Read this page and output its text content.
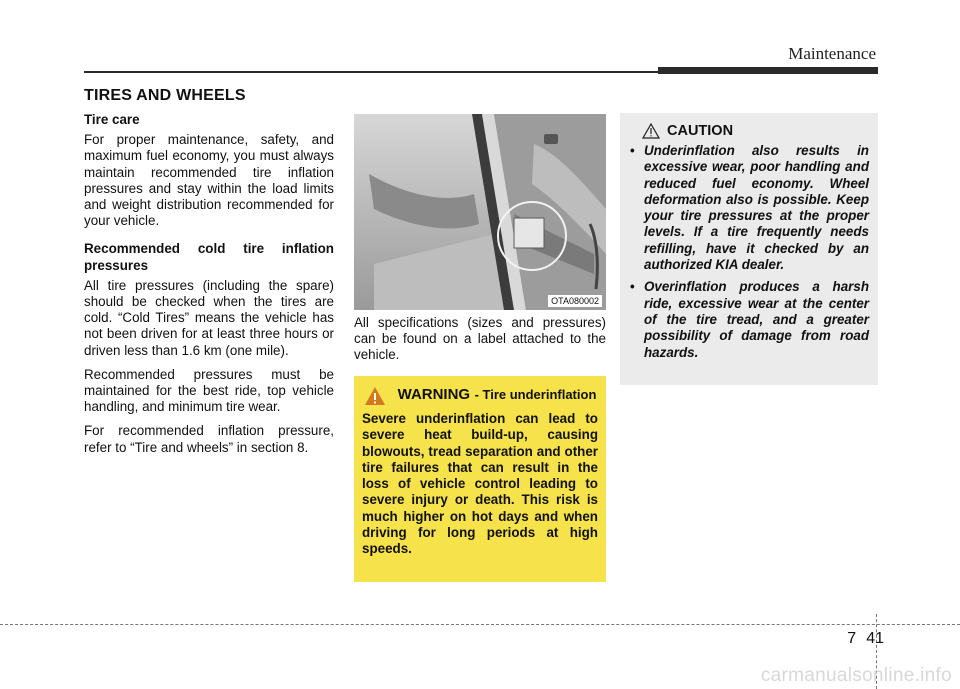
Maintenance
TIRES AND WHEELS

Tire care

For proper maintenance, safety, and maximum fuel economy, you must always maintain recommended tire inflation pressures and stay within the load limits and weight distribution recommended for your vehicle.

Recommended cold tire inflation pressures

All tire pressures (including the spare) should be checked when the tires are cold. “Cold Tires” means the vehicle has not been driven for at least three hours or driven less than 1.6 km (one mile).

Recommended pressures must be maintained for the best ride, top vehicle handling, and minimum tire wear.

For recommended inflation pressure, refer to “Tire and wheels” in section 8.

OTA080002
All specifications (sizes and pressures) can be found on a label attached to the vehicle.
WARNING - Tire underinflation
Severe underinflation can lead to severe heat build-up, causing blowouts, tread separation and other tire failures that can result in the loss of vehicle control leading to severe injury or death. This risk is much higher on hot days and when driving for long periods at high speeds.
CAUTION
• Underinflation also results in excessive wear, poor handling and reduced fuel economy. Wheel deformation also is possible. Keep your tire pressures at the proper levels. If a tire frequently needs refilling, have it checked by an authorized KIA dealer.
• Overinflation produces a harsh ride, excessive wear at the center of the tire tread, and a greater possibility of damage from road hazards.
7 41
carmanualsonline.info
